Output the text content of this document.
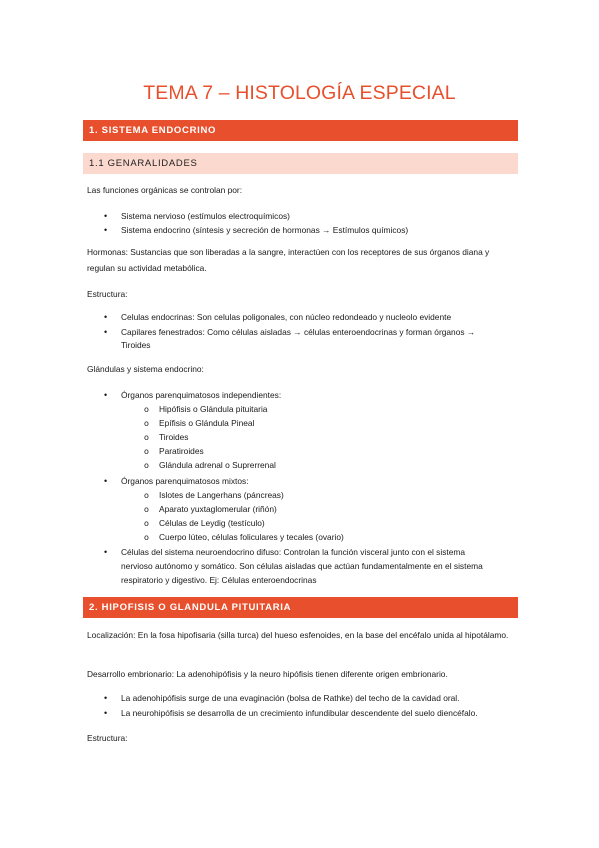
TEMA 7 – HISTOLOGÍA ESPECIAL
1. SISTEMA ENDOCRINO
1.1 GENARALIDADES
Las funciones orgánicas se controlan por:
• Sistema nervioso (estímulos electroquímicos)
• Sistema endocrino (síntesis y secreción de hormonas → Estímulos químicos)
Hormonas: Sustancias que son liberadas a la sangre, interactúen con los receptores de sus órganos diana y regulan su actividad metabólica.
Estructura:
• Celulas endocrinas: Son celulas poligonales, con núcleo redondeado y nucleolo evidente
• Capilares fenestrados: Como células aisladas → células enteroendocrinas y forman órganos →
Tiroides
Glándulas y sistema endocrino:
• Órganos parenquimatosos independientes:
o Hipófisis o Glándula pituitaria
o Epífisis o Glándula Pineal
o Tiroides
o Paratiroides
o Glándula adrenal o Suprerrenal
• Órganos parenquimatosos mixtos:
o Islotes de Langerhans (páncreas)
o Aparato yuxtaglomerular (riñón)
o Células de Leydig (testículo)
o Cuerpo lúteo, células foliculares y tecales (ovario)
• Células del sistema neuroendocrino difuso: Controlan la función visceral junto con el sistema
nervioso autónomo y somático. Son células aisladas que actúan fundamentalmente en el sistema
respiratorio y digestivo. Ej: Células enteroendocrinas
2. HIPOFISIS O GLANDULA PITUITARIA
Localización: En la fosa hipofisaria (silla turca) del hueso esfenoides, en la base del encéfalo unida al hipotálamo.
Desarrollo embrionario: La adenohipófisis y la neuro hipófisis tienen diferente origen embrionario.
• La adenohipófisis surge de una evaginación (bolsa de Rathke) del techo de la cavidad oral.
• La neurohipófisis se desarrolla de un crecimiento infundibular descendente del suelo diencéfalo.
Estructura:
